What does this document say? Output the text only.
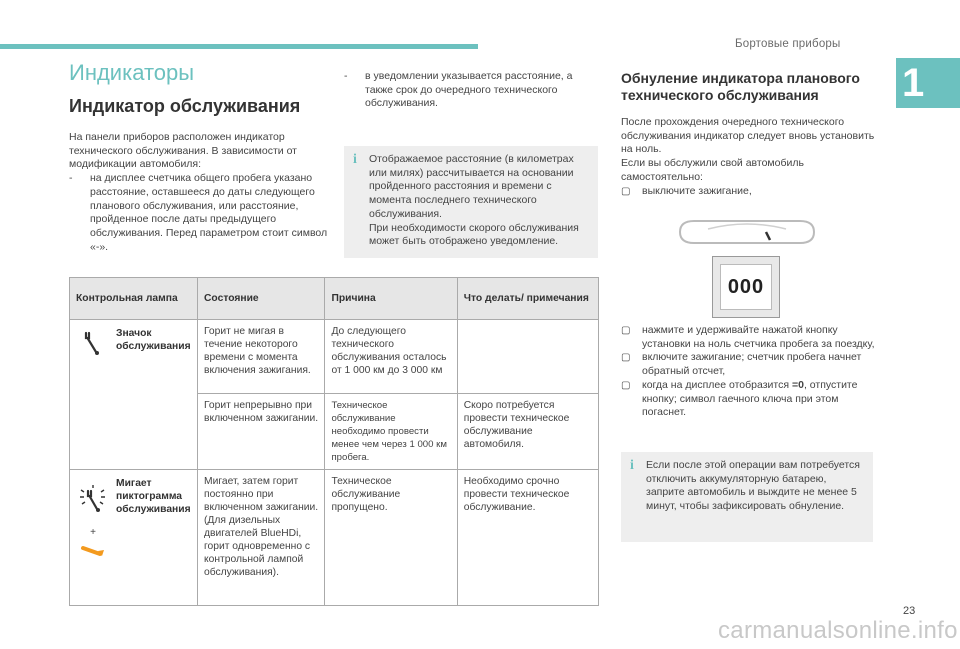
Бортовые приборы
1
Индикаторы
Индикатор обслуживания

На панели приборов расположен индикатор технического обслуживания. В зависимости от модификации автомобиля:

- на дисплее счетчика общего пробега указано расстояние, оставшееся до даты следующего планового обслуживания, или расстояние, пройденное после даты предыдущего обслуживания. Перед параметром стоит символ «-».
- в уведомлении указывается расстояние, а также срок до очередного технического обслуживания.
i Отображаемое расстояние (в километрах или милях) рассчитывается на основании пройденного расстояния и времени с момента последнего технического обслуживания.

При необходимости скорого обслуживания может быть отображено уведомление.

Контрольная лампа	Состояние	Причина	Что делать/ примечания

	Горит не мигая в течение некоторого времени с момента включения зажигания.	До следующего технического обслуживания осталось от 1 000 км до 3 000 км	
	Горит непрерывно при включенном зажигании.	Техническое обслуживание необходимо провести менее чем через 1 000 км пробега.	Скоро потребуется провести техническое обслуживание автомобиля.

+
Мигает пиктограмма обслуживания	Мигает, затем горит постоянно при включенном зажигании. (Для дизельных двигателей BlueHDi, горит одновременно с контрольной лампой обслуживания).	Техническое обслуживание пропущено.	Необходимо срочно провести техническое обслуживание.
Значок обслуживания
Обнуление индикатора планового технического обслуживания

После прохождения очередного технического обслуживания индикатор следует вновь установить на ноль.

Если вы обслужили свой автомобиль самостоятельно:

▢ выключите зажигание,
000
▢ нажмите и удерживайте нажатой кнопку установки на ноль счетчика пробега за поездку,
▢ включите зажигание; счетчик пробега начнет обратный отсчет,
▢ когда на дисплее отобразится =0, отпустите кнопку; символ гаечного ключа при этом погаснет.
i Если после этой операции вам потребуется отключить аккумуляторную батарею, заприте автомобиль и выждите не менее 5 минут, чтобы зафиксировать обнуление.

23
carmanualsonline.info
